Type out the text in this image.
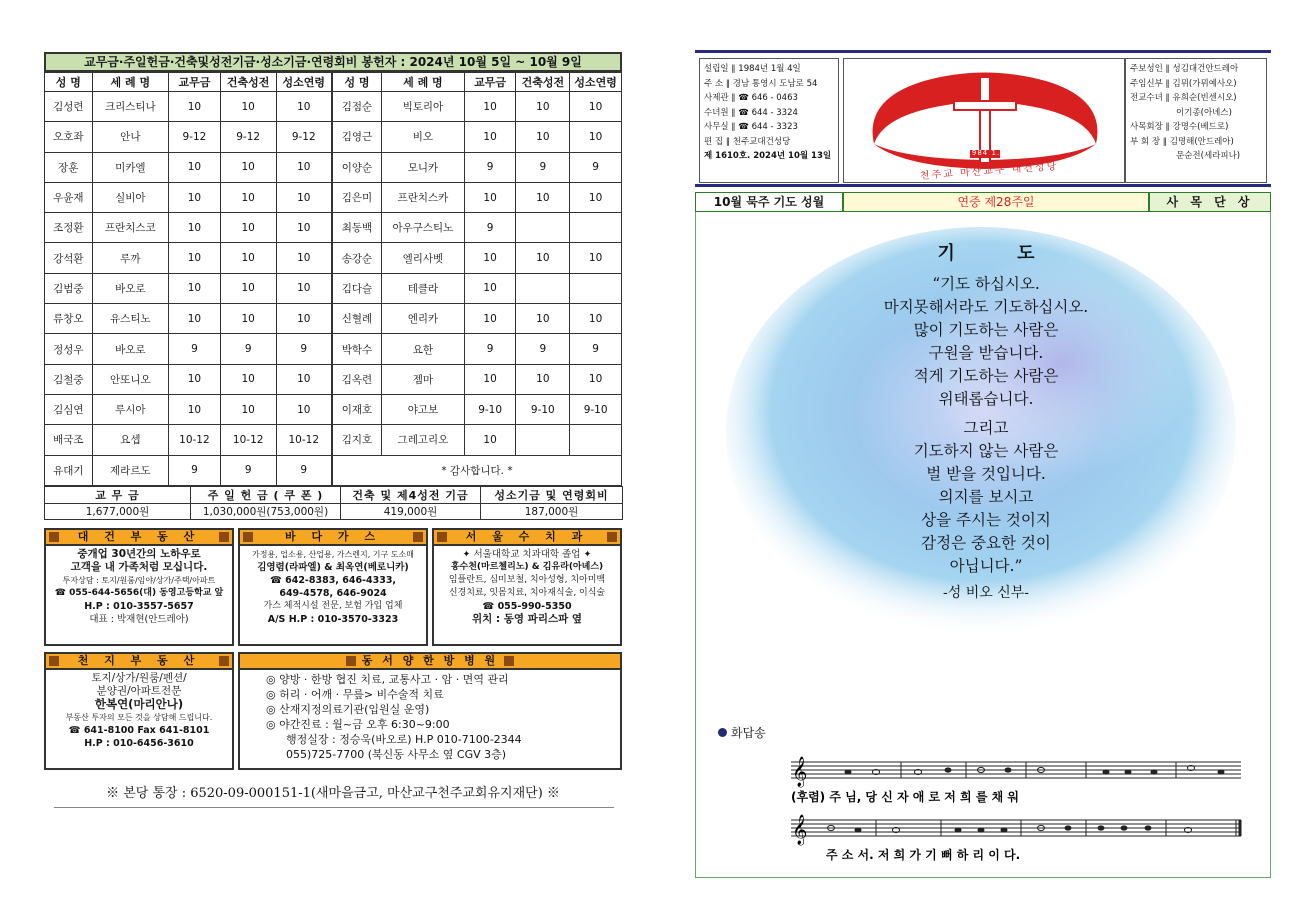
교무금·주일헌금·건축및성전기금·성소기금·연령회비 봉헌자 : 2024년 10월 5일 ~ 10월 9일
성 명	세 례 명	교무금	건축성전	성소연령	성 명	세 례 명	교무금	건축성전	성소연령
김성련	크리스티나	10	10	10	김점순	빅토리아	10	10	10
오호좌	안나	9-12	9-12	9-12	김영근	비오	10	10	10
장훈	미카엘	10	10	10	이양순	모니카	9	9	9
우윤재	실비아	10	10	10	김은미	프란치스카	10	10	10
조정환	프란치스코	10	10	10	최동백	아우구스티노	9		
강석환	루까	10	10	10	송강순	엘리사벳	10	10	10
김범중	바오로	10	10	10	김다슬	테클라	10		
류창오	유스티노	10	10	10	신혈례	엔리카	10	10	10
정성우	바오로	9	9	9	박학수	요한	9	9	9
김철중	안또니오	10	10	10	김옥련	젬마	10	10	10
김심연	루시아	10	10	10	이재호	야고보	9-10	9-10	9-10
배국조	요셉	10-12	10-12	10-12	김지호	그레고리오	10		
유대기	제라르도	9	9	9	* 감사합니다. *				
교 무 금	주 일 헌 금 ( 쿠 폰 )	건축 및 제4성전 기금	성소기금 및 연령회비
1,677,000원	1,030,000원(753,000원)	419,000원	187,000원
대 건 부 동 산
중개업 30년간의 노하우로
고객을 내 가족처럼 모십니다.
투자상담 : 토지/원룸/임야/상가/주택/아파트
☎ 055-644-5656(대) 동영고등학교 앞
H.P : 010-3557-5657
대표 : 박재현(안드레아)
바 다 가 스
가정용, 업소용, 산업용, 가스렌지, 기구 도소매
김영렴(라파엘) & 최옥연(베로니카)
☎ 642-8383, 646-4333,
649-4578, 646-9024
가스 체적시설 전문, 보험 가입 업체
A/S H.P : 010-3570-3323
서 울 수 치 과
✦ 서울대학교 치과대학 졸업 ✦
홍수천(마르첼리노) & 김유라(아녜스)
임플란트, 심미보철, 치아성형, 치아미백
신경치료, 잇몸치료, 치아재식술, 이식술
☎ 055-990-5350
위치 : 동영 파리스파 옆
천 지 부 동 산
토지/상가/원룸/펜션/
분양권/아파트전문
한복연(마리안나)
부동산 투자의 모든 것을 상담해 드립니다.
☎ 641-8100 Fax 641-8101
H.P : 010-6456-3610
동 서 양 한 방 병 원
◎ 양방 · 한방 협진 치료, 교통사고 · 암 · 면역 관리
◎ 허리 · 어깨 · 무릎> 비수술적 치료
◎ 산재지정의료기관(입원실 운영)
◎ 야간진료 : 월~금 오후 6:30~9:00
행정실장 : 정승욱(바오로) H.P 010-7100-2344
055)725-7700 (북신동 사무소 옆 CGV 3층)
※ 본당 통장 : 6520-09-000151-1(새마을금고, 마산교구천주교회유지재단) ※
설립일 ∥ 1984년 1월 4일
주 소 ∥ 경남 통영시 도남로 54
사제관 ∥ ☎ 646 - 0463
수녀원 ∥ ☎ 644 - 3324
사무실 ∥ ☎ 644 - 3323
편 집 ∥ 천주교대건성당
제 1610호. 2024년 10월 13일	1984 1.4
천주교 마산교구 대건성당
주보성인 ∥ 성김대건안드레아
주임신부 ∥ 김뮈(가뮈예사오)
전교수녀 ∥ 유희순(빈센시오)
이기종(아녜스)
사목회장 ∥ 강명수(베드로)
부 회 장 ∥ 김명해(안드레아)
문순전(세라피나)
10월 묵주 기도 성월	연중 제28주일	사 목 단 상
기 도

“기도 하십시오.

마지못해서라도 기도하십시오.

많이 기도하는 사람은

구원을 받습니다.

적게 기도하는 사람은

위태롭습니다.

그리고

기도하지 않는 사람은

벌 받을 것입니다.

의지를 보시고

상을 주시는 것이지

감정은 중요한 것이

아닙니다.”

-성 비오 신부-
화답송
𝄞
𝄞
(후렴) 주 님, 당 신 자 애 로 저 희 를 채 워
주 소 서. 저 희 가 기 뻐 하 리 이 다.
